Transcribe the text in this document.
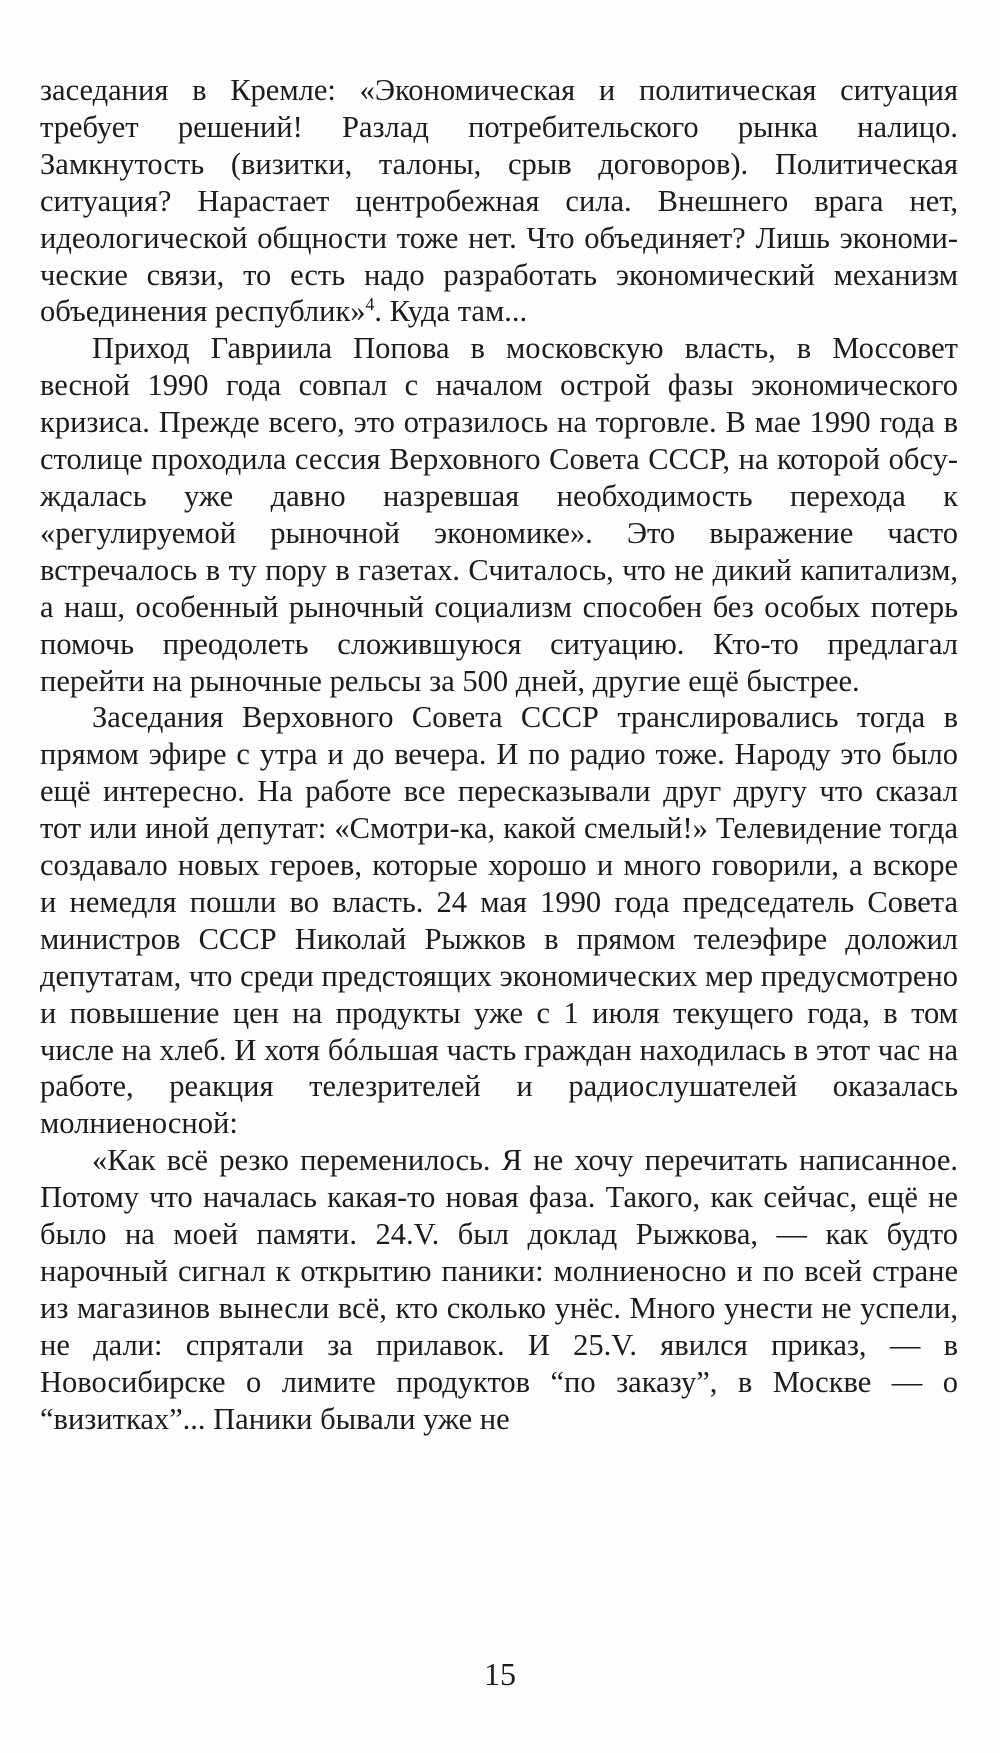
заседания в Кремле: «Экономическая и политическая ситуация требует решений! Разлад потребительского рынка налицо. Замкнутость (визитки, талоны, срыв договоров). Политическая ситуация? Нарастает центробежная сила. Внешнего врага нет, идеологической общности тоже нет. Что объединяет? Лишь экономические связи, то есть надо разработать экономический механизм объединения республик»$^4$. Куда там...

Приход Гавриила Попова в московскую власть, в Моссовет весной 1990 года совпал с началом острой фазы экономического кризиса. Прежде всего, это отразилось на торговле. В мае 1990 года в столице проходила сессия Верховного Совета СССР, на которой обсуждалась уже давно назревшая необходимость перехода к «регулируемой рыночной экономике». Это выражение часто встречалось в ту пору в газетах. Считалось, что не дикий капитализм, а наш, особенный рыночный социализм способен без особых потерь помочь преодолеть сложившуюся ситуацию. Кто-то предлагал перейти на рыночные рельсы за 500 дней, другие ещё быстрее.

Заседания Верховного Совета СССР транслировались тогда в прямом эфире с утра и до вечера. И по радио тоже. Народу это было ещё интересно. На работе все пересказывали друг другу что сказал тот или иной депутат: «Смотри-ка, какой смелый!» Телевидение тогда создавало новых героев, которые хорошо и много говорили, а вскоре и немедля пошли во власть. 24 мая 1990 года председатель Совета министров СССР Николай Рыжков в прямом телеэфире доложил депутатам, что среди предстоящих экономических мер предусмотрено и повышение цен на продукты уже с 1 июля текущего года, в том числе на хлеб. И хотя бóльшая часть граждан находилась в этот час на работе, реакция телезрителей и радиослушателей оказалась молниеносной:

«Как всё резко переменилось. Я не хочу перечитать написанное. Потому что началась какая-то новая фаза. Такого, как сейчас, ещё не было на моей памяти. 24.V. был доклад Рыжкова, — как будто нарочный сигнал к открытию паники: молниеносно и по всей стране из магазинов вынесли всё, кто сколько унёс. Много унести не успели, не дали: спрятали за прилавок. И 25.V. явился приказ, — в Новосибирске о лимите продуктов “по заказу”, в Москве — о “визитках”... Паники бывали уже не

15
